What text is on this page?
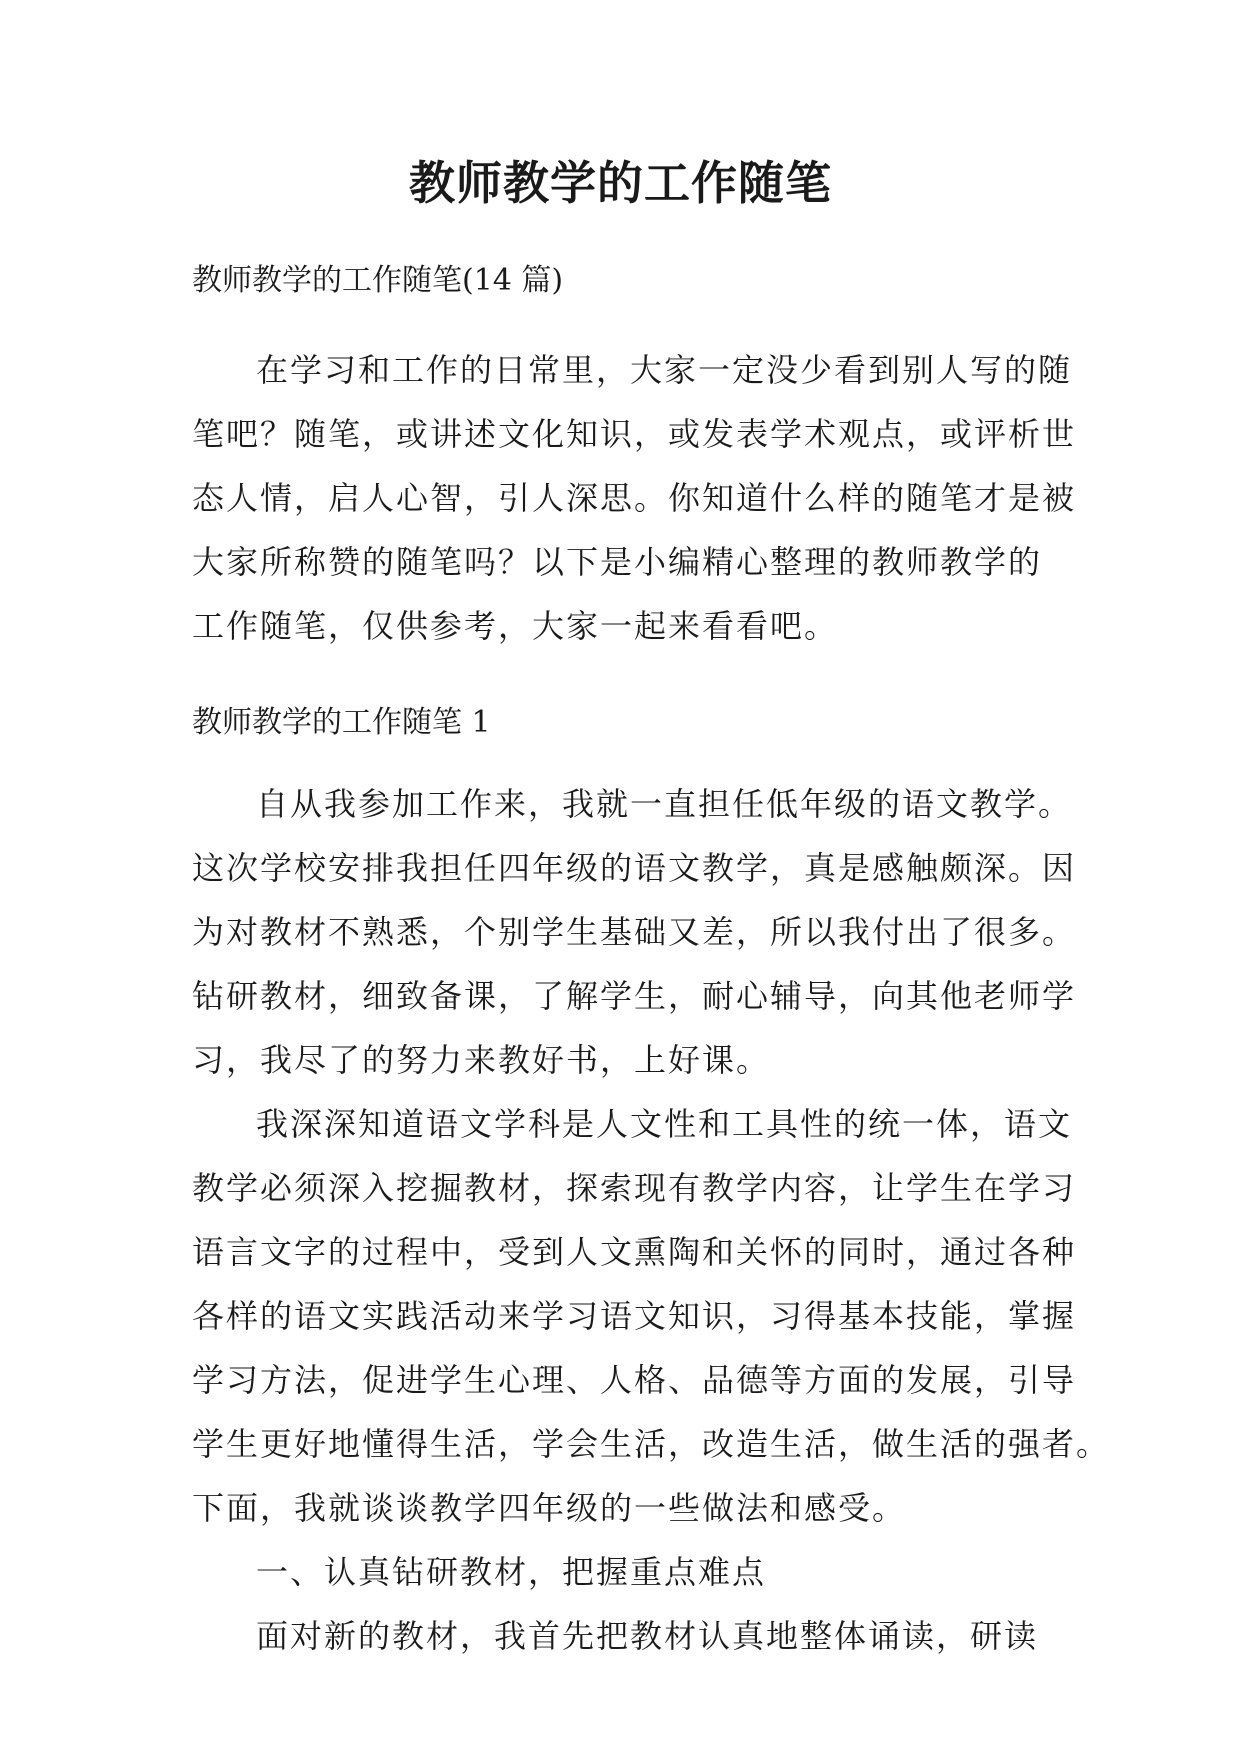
教师教学的工作随笔
教师教学的工作随笔(14 篇)
在学习和工作的日常里，大家一定没少看到别人写的随
笔吧？随笔，或讲述文化知识，或发表学术观点，或评析世
态人情，启人心智，引人深思。你知道什么样的随笔才是被
大家所称赞的随笔吗？以下是小编精心整理的教师教学的
工作随笔，仅供参考，大家一起来看看吧。
教师教学的工作随笔 1
自从我参加工作来，我就一直担任低年级的语文教学。
这次学校安排我担任四年级的语文教学，真是感触颇深。因
为对教材不熟悉，个别学生基础又差，所以我付出了很多。
钻研教材，细致备课，了解学生，耐心辅导，向其他老师学
习，我尽了的努力来教好书，上好课。
我深深知道语文学科是人文性和工具性的统一体，语文
教学必须深入挖掘教材，探索现有教学内容，让学生在学习
语言文字的过程中，受到人文熏陶和关怀的同时，通过各种
各样的语文实践活动来学习语文知识，习得基本技能，掌握
学习方法，促进学生心理、人格、品德等方面的发展，引导
学生更好地懂得生活，学会生活，改造生活，做生活的强者。
下面，我就谈谈教学四年级的一些做法和感受。
一、认真钻研教材，把握重点难点
面对新的教材，我首先把教材认真地整体诵读，研读
